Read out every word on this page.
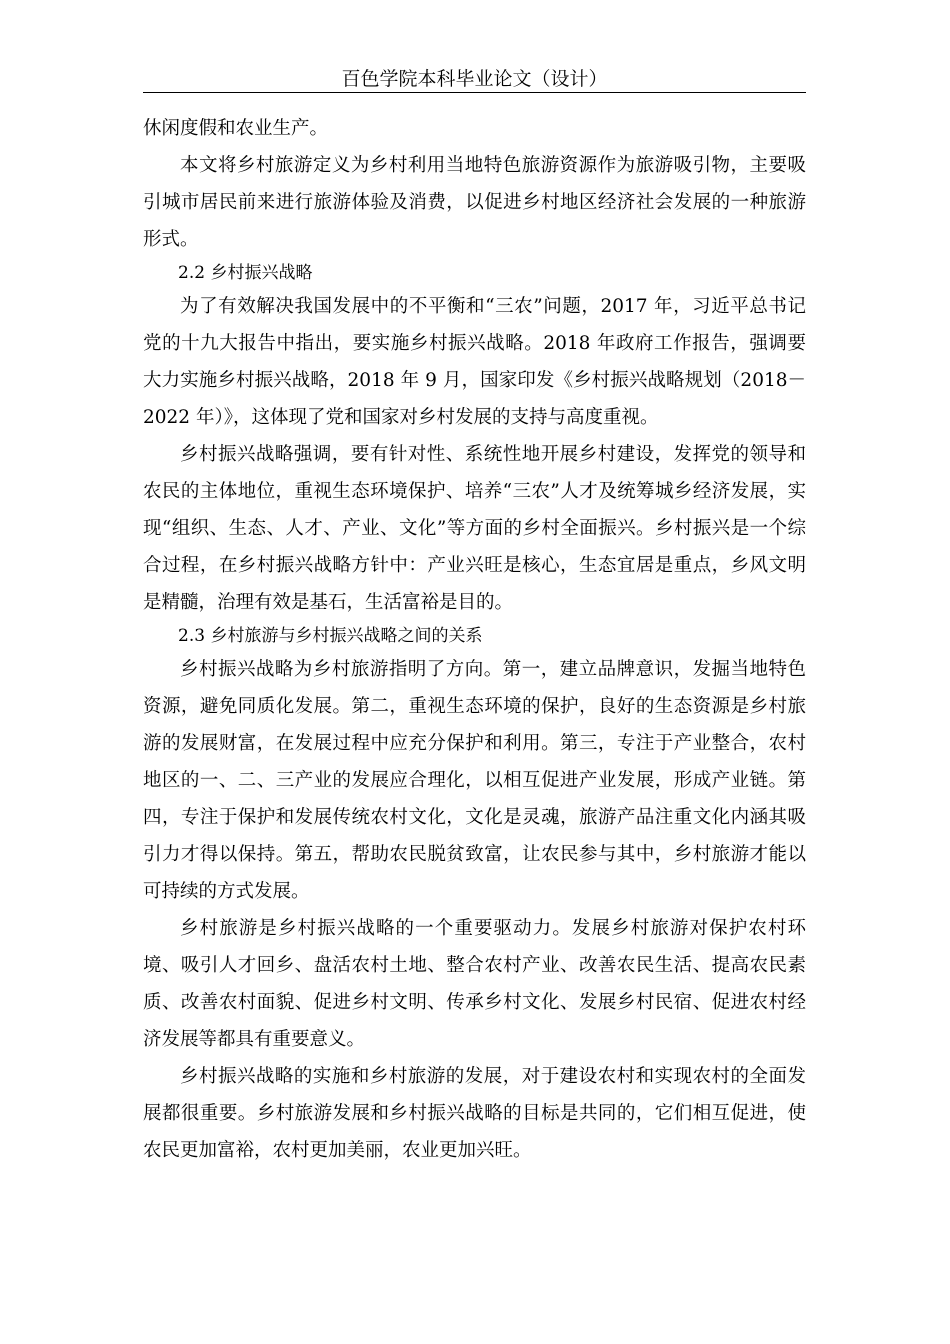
百色学院本科毕业论文（设计）

休闲度假和农业生产。

本文将乡村旅游定义为乡村利用当地特色旅游资源作为旅游吸引物，主要吸引城市居民前来进行旅游体验及消费，以促进乡村地区经济社会发展的一种旅游形式。

2.2 乡村振兴战略

为了有效解决我国发展中的不平衡和“三农”问题，2017 年，习近平总书记党的十九大报告中指出，要实施乡村振兴战略。2018 年政府工作报告，强调要 大力实施乡村振兴战略，2018 年 9 月，国家印发《乡村振兴战略规划（2018－2022 年）》，这体现了党和国家对乡村发展的支持与高度重视。

乡村振兴战略强调，要有针对性、系统性地开展乡村建设，发挥党的领导和农民的主体地位，重视生态环境保护、培养“三农”人才及统筹城乡经济发展，实现“组织、生态、人才、产业、文化”等方面的乡村全面振兴。乡村振兴是一个综合过程，在乡村振兴战略方针中：产业兴旺是核心，生态宜居是重点，乡风文明是精髓，治理有效是基石，生活富裕是目的。

2.3 乡村旅游与乡村振兴战略之间的关系

乡村振兴战略为乡村旅游指明了方向。第一，建立品牌意识，发掘当地特色资源，避免同质化发展。第二，重视生态环境的保护，良好的生态资源是乡村旅游的发展财富，在发展过程中应充分保护和利用。第三，专注于产业整合，农村地区的一、二、三产业的发展应合理化，以相互促进产业发展，形成产业链。第四，专注于保护和发展传统农村文化，文化是灵魂，旅游产品注重文化内涵其吸引力才得以保持。第五，帮助农民脱贫致富，让农民参与其中，乡村旅游才能以可持续的方式发展。

乡村旅游是乡村振兴战略的一个重要驱动力。发展乡村旅游对保护农村环境、吸引人才回乡、盘活农村土地、整合农村产业、改善农民生活、提高农民素质、改善农村面貌、促进乡村文明、传承乡村文化、发展乡村民宿、促进农村经济发展等都具有重要意义。

乡村振兴战略的实施和乡村旅游的发展，对于建设农村和实现农村的全面发展都很重要。乡村旅游发展和乡村振兴战略的目标是共同的，它们相互促进，使农民更加富裕，农村更加美丽，农业更加兴旺。
